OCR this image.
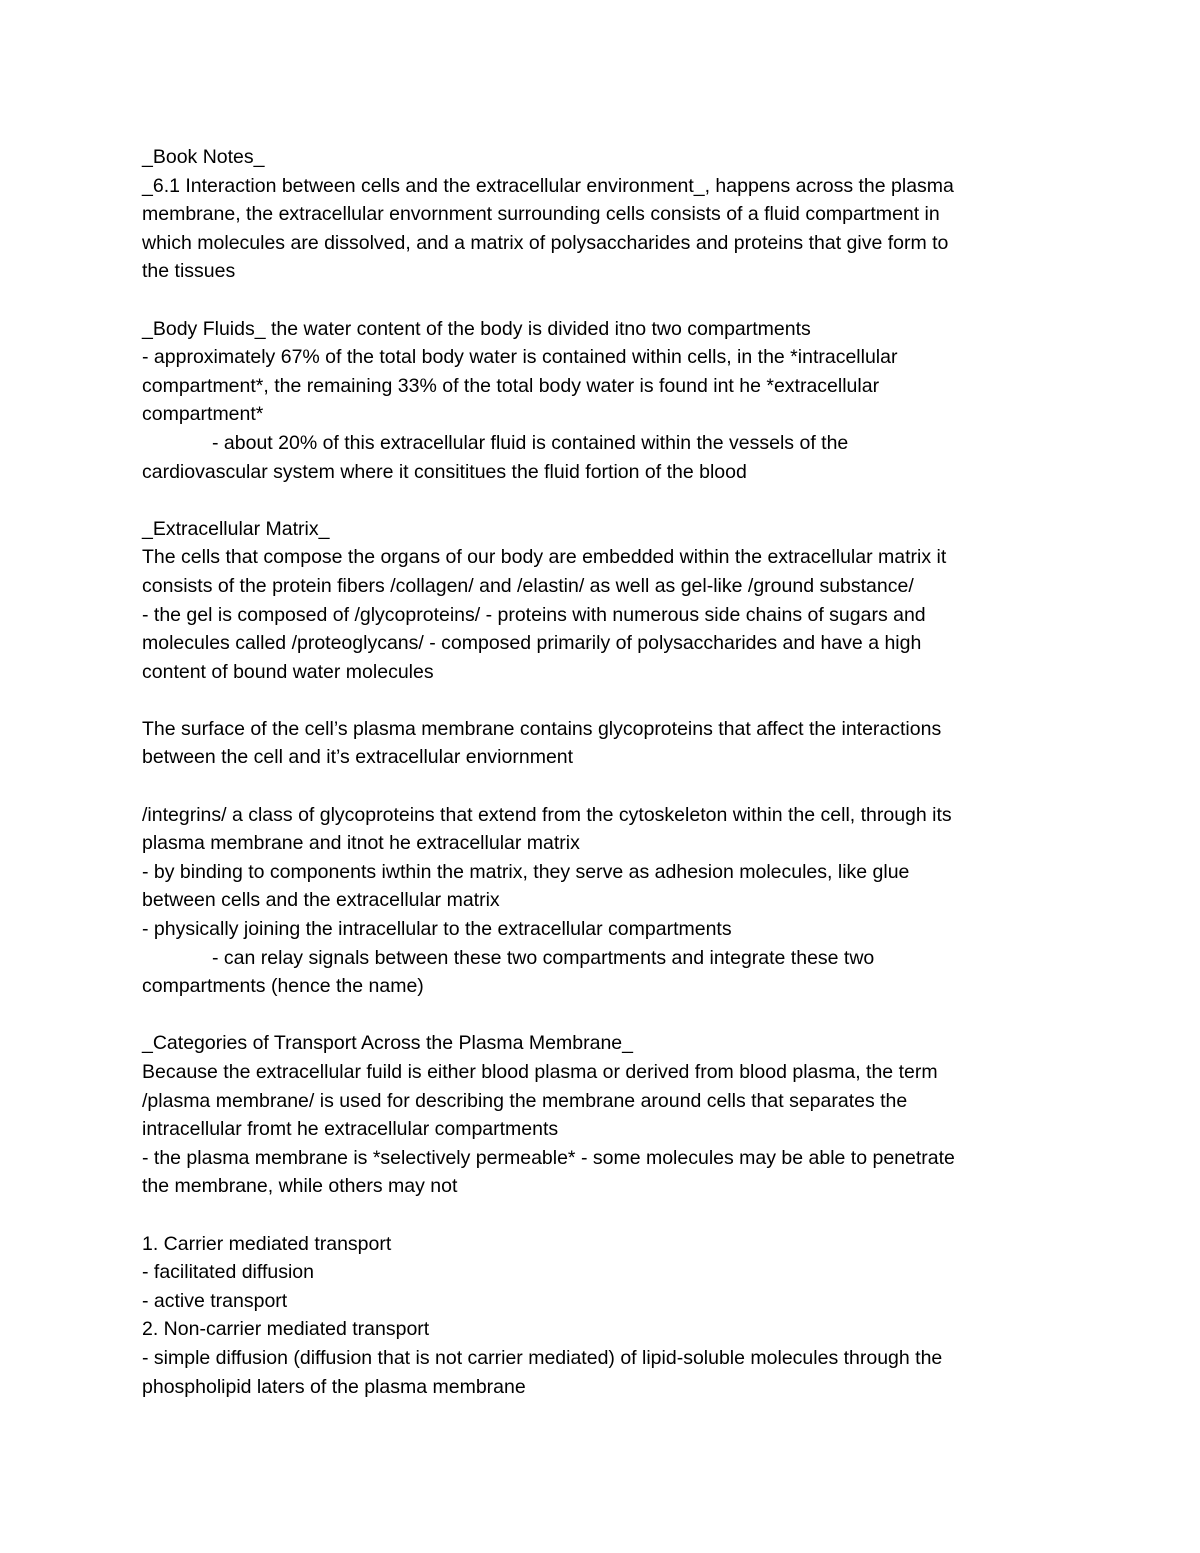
_Book Notes_
_6.1 Interaction between cells and the extracellular environment_, happens across the plasma
membrane, the extracellular envornment surrounding cells consists of a fluid compartment in
which molecules are dissolved, and a matrix of polysaccharides and proteins that give form to
the tissues
_Body Fluids_ the water content of the body is divided itno two compartments
- approximately 67% of the total body water is contained within cells, in the *intracellular
compartment*, the remaining 33% of the total body water is found int he *extracellular
compartment*
- about 20% of this extracellular fluid is contained within the vessels of the
cardiovascular system where it consititues the fluid fortion of the blood
_Extracellular Matrix_
The cells that compose the organs of our body are embedded within the extracellular matrix it
consists of the protein fibers /collagen/ and /elastin/ as well as gel-like /ground substance/
- the gel is composed of /glycoproteins/ - proteins with numerous side chains of sugars and
molecules called /proteoglycans/ - composed primarily of polysaccharides and have a high
content of bound water molecules
The surface of the cell’s plasma membrane contains glycoproteins that affect the interactions
between the cell and it’s extracellular enviornment
/integrins/ a class of glycoproteins that extend from the cytoskeleton within the cell, through its
plasma membrane and itnot he extracellular matrix
- by binding to components iwthin the matrix, they serve as adhesion molecules, like glue
between cells and the extracellular matrix
- physically joining the intracellular to the extracellular compartments
- can relay signals between these two compartments and integrate these two
compartments (hence the name)
_Categories of Transport Across the Plasma Membrane_
Because the extracellular fuild is either blood plasma or derived from blood plasma, the term
/plasma membrane/ is used for describing the membrane around cells that separates the
intracellular fromt he extracellular compartments
- the plasma membrane is *selectively permeable* - some molecules may be able to penetrate
the membrane, while others may not
1. Carrier mediated transport
- facilitated diffusion
- active transport
2. Non-carrier mediated transport
- simple diffusion (diffusion that is not carrier mediated) of lipid-soluble molecules through the
phospholipid laters of the plasma membrane
